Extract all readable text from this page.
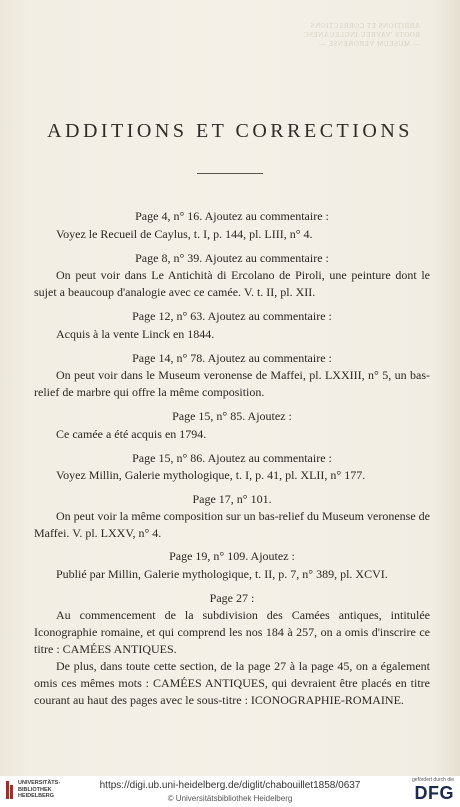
ABBITIONS ET CORRECTIONS
ROOTS 'VAVREU INGLEUANESC
— MUSEUM VERONENSE —
ADDITIONS ET CORRECTIONS
Page 4, n° 16. Ajoutez au commentaire :
Voyez le Recueil de Caylus, t. I, p. 144, pl. LIII, n° 4.
Page 8, n° 39. Ajoutez au commentaire :
On peut voir dans Le Antichità di Ercolano de Piroli, une peinture dont le sujet a beaucoup d'analogie avec ce camée. V. t. II, pl. XII.
Page 12, n° 63. Ajoutez au commentaire :
Acquis à la vente Linck en 1844.
Page 14, n° 78. Ajoutez au commentaire :
On peut voir dans le Museum veronense de Maffei, pl. LXXIII, n° 5, un bas-relief de marbre qui offre la même composition.
Page 15, n° 85. Ajoutez :
Ce camée a été acquis en 1794.
Page 15, n° 86. Ajoutez au commentaire :
Voyez Millin, Galerie mythologique, t. I, p. 41, pl. XLII, n° 177.
Page 17, n° 101.
On peut voir la même composition sur un bas-relief du Museum veronense de Maffei. V. pl. LXXV, n° 4.
Page 19, n° 109. Ajoutez :
Publié par Millin, Galerie mythologique, t. II, p. 7, n° 389, pl. XCVI.
Page 27 :
Au commencement de la subdivision des Camées antiques, intitulée Iconographie romaine, et qui comprend les nos 184 à 257, on a omis d'inscrire ce titre : CAMÉES ANTIQUES.
De plus, dans toute cette section, de la page 27 à la page 45, on a également omis ces mêmes mots : CAMÉES ANTIQUES, qui devraient être placés en titre courant au haut des pages avec le sous-titre : ICONOGRAPHIE-ROMAINE.
UNIVERSITÄTS-
BIBLIOTHEK
HEIDELBERG
https://digi.ub.uni-heidelberg.de/diglit/chabouillet1858/0637
© Universitätsbibliothek Heidelberg
gefördert durch die
DFG
